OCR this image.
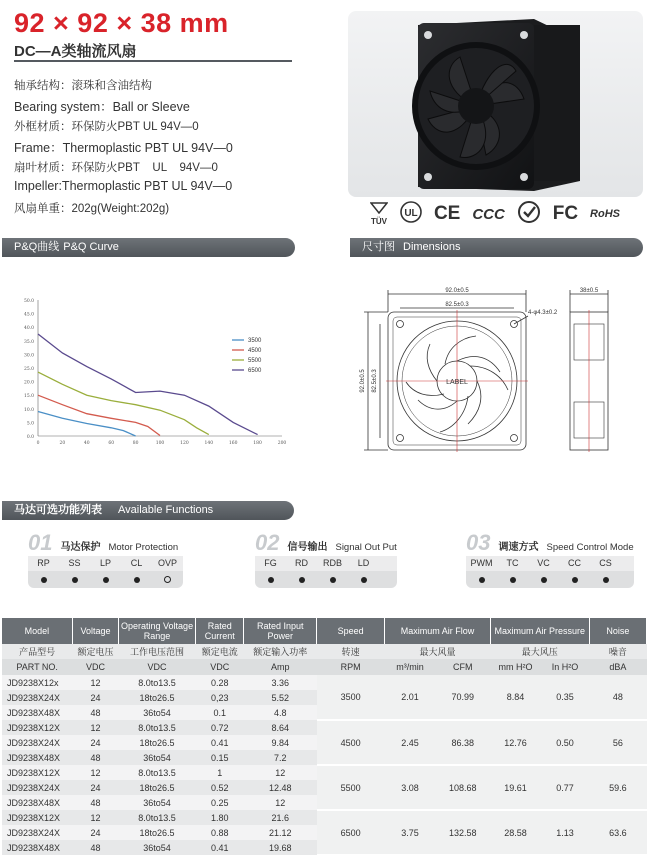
92 × 92 × 38 mm
DC—A类轴流风扇
轴承结构：滚珠和含油结构
Bearing system：Ball or Sleeve
外框材质：环保防火PBT UL 94V—0
Frame：Thermoplastic PBT UL 94V—0
扇叶材质：环保防火PBT    UL    94V—0
Impeller:Thermoplastic PBT UL 94V—0
风扇单重：202g(Weight:202g)

TÜV
UL CE CCC	FC RoHS
P&Q曲线 P&Q Curve	尺寸图 Dimensions
0.0
5.0
10.0
15.0
20.0
25.0
30.0
35.0
40.0
45.0
50.0
0	20	40	60	80	100	120	140	160	180	200
3500
4500
5500
6500
92.0±0.5
82.5±0.3
4-φ4.3±0.2
92.0±0.5 82.5±0.3
38±0.5
LABEL
马达可选功能列表 Available Functions
01 马达保护 Motor Protection
RP	SS	LP	CL	OVP
02 信号输出 Signal Out Put
FG	RD	RDB	LD
03 调速方式 Speed Control Mode
PWM	TC	VC	CC	CS
Model	Voltage	Operating Voltage Range	Rated Current	Rated Input Power	Speed	Maximum Air Flow		Maximum Air Pressure		Noise
产品型号	额定电压	工作电压范围	额定电流	额定输入功率	转速	最大风量		最大风压		噪音
PART NO.	VDC	VDC	VDC	Amp	RPM	m³/min	CFM	mm H²O	In H²O	dBA
JD9238X12x	12	8.0to13.5	0.28	3.36	3500	2.01	70.99	8.84	0.35	48
JD9238X24X	24	18to26.5	0,23	5.52						
JD9238X48X	48	36to54	0.1	4.8						
JD9238X12X	12	8.0to13.5	0.72	8.64	4500	2.45	86.38	12.76	0.50	56
JD9238X24X	24	18to26.5	0.41	9.84						
JD9238X48X	48	36to54	0.15	7.2						
JD9238X12X	12	8.0to13.5	1	12	5500	3.08	108.68	19.61	0.77	59.6
JD9238X24X	24	18to26.5	0.52	12.48						
JD9238X48X	48	36to54	0.25	12						
JD9238X12X	12	8.0to13.5	1.80	21.6	6500	3.75	132.58	28.58	1.13	63.6
JD9238X24X	24	18to26.5	0.88	21.12						
JD9238X48X	48	36to54	0.41	19.68						
